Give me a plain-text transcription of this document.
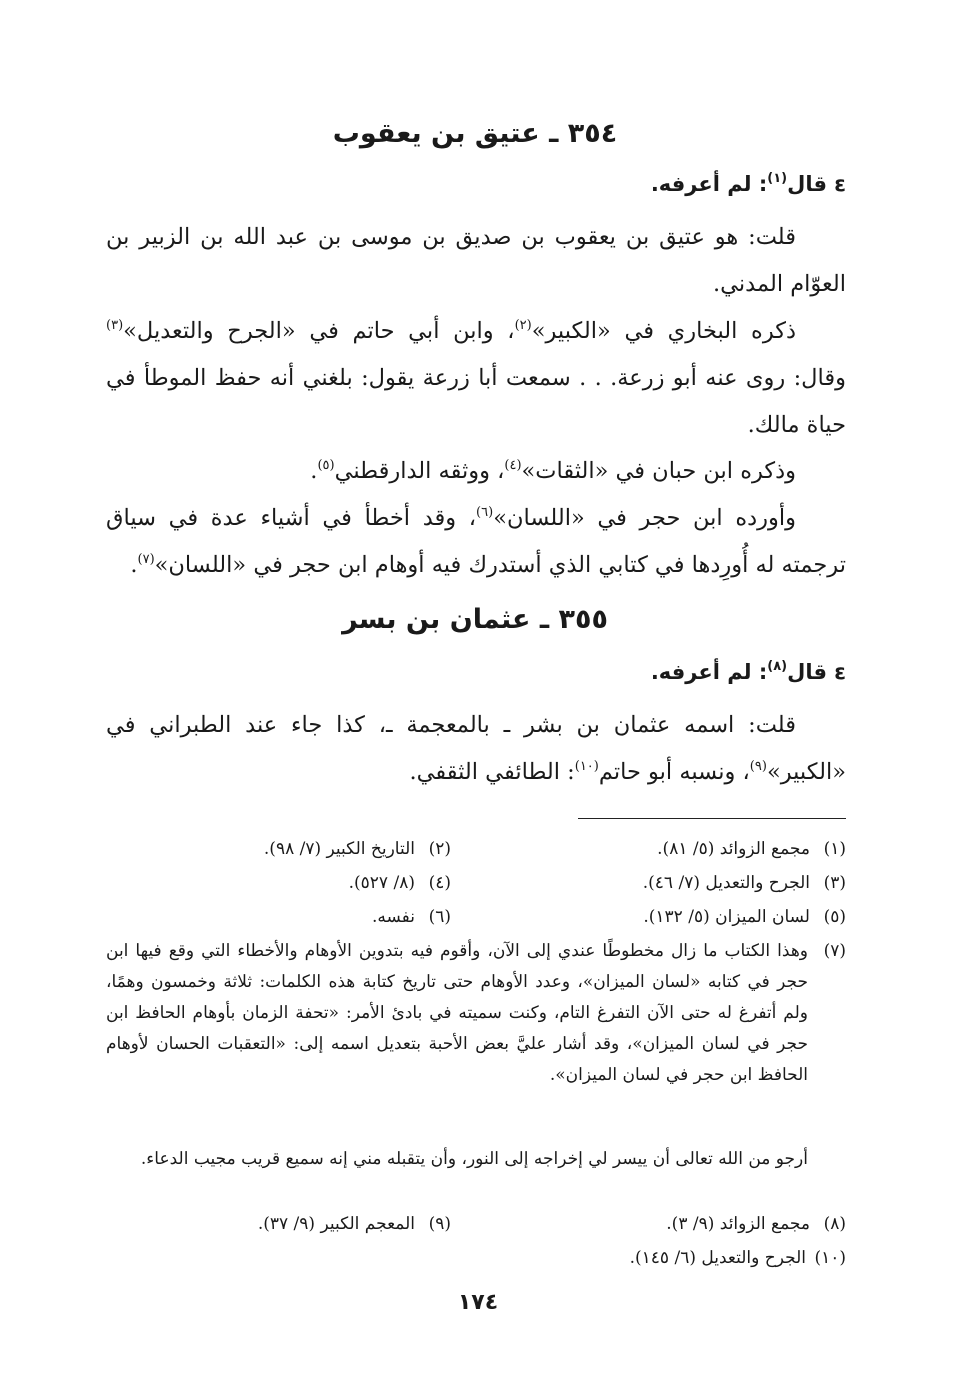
٣٥٤ ـ عتيق بن يعقوب
ε قال$^{(١)}$: لم أعرفه.
قلت: هو عتيق بن يعقوب بن صديق بن موسى بن عبد الله بن الزبير بن العوّام المدني.
ذكره البخاري في «الكبير»$^{(٢)}$، وابن أبي حاتم في «الجرح والتعديل»$^{(٣)}$ وقال: روى عنه أبو زرعة. . . سمعت أبا زرعة يقول: بلغني أنه حفظ الموطأ في حياة مالك.
وذكره ابن حبان في «الثقات»$^{(٤)}$، ووثقه الدارقطني$^{(٥)}$.
وأورده ابن حجر في «اللسان»$^{(٦)}$، وقد أخطأ في أشياء عدة في سياق ترجمته له أُورِدها في كتابي الذي أستدرك فيه أوهام ابن حجر في «اللسان»$^{(٧)}$.
٣٥٥ ـ عثمان بن بسر
ε قال$^{(٨)}$: لم أعرفه.
قلت: اسمه عثمان بن بشر ـ بالمعجمة ـ، كذا جاء عند الطبراني في «الكبير»$^{(٩)}$، ونسبه أبو حاتم$^{(١٠)}$: الطائفي الثقفي.
(١)مجمع الزوائد (٥/ ٨١).
(٢)التاريخ الكبير (٧/ ٩٨).
(٣)الجرح والتعديل (٧/ ٤٦).
(٤)(٨/ ٥٢٧).
(٥)لسان الميزان (٥/ ١٣٢).
(٦)نفسه.
(٧)
وهذا الكتاب ما زال مخطوطًا عندي إلى الآن، وأقوم فيه بتدوين الأوهام والأخطاء التي وقع فيها ابن حجر في كتابه «لسان الميزان»، وعدد الأوهام حتى تاريخ كتابة هذه الكلمات: ثلاثة وخمسون وهمًا، ولم أتفرغ له حتى الآن التفرغ التام، وكنت سميته في بادئ الأمر: «تحفة الزمان بأوهام الحافظ ابن حجر في لسان الميزان»، وقد أشار عليَّ بعض الأحبة بتعديل اسمه إلى: «التعقبات الحسان لأوهام الحافظ ابن حجر في لسان الميزان».
أرجو من الله تعالى أن ييسر لي إخراجه إلى النور، وأن يتقبله مني إنه سميع قريب مجيب الدعاء.
(٨)مجمع الزوائد (٩/ ٣).
(٩)المعجم الكبير (٩/ ٣٧).
(١٠)الجرح والتعديل (٦/ ١٤٥).
١٧٤
